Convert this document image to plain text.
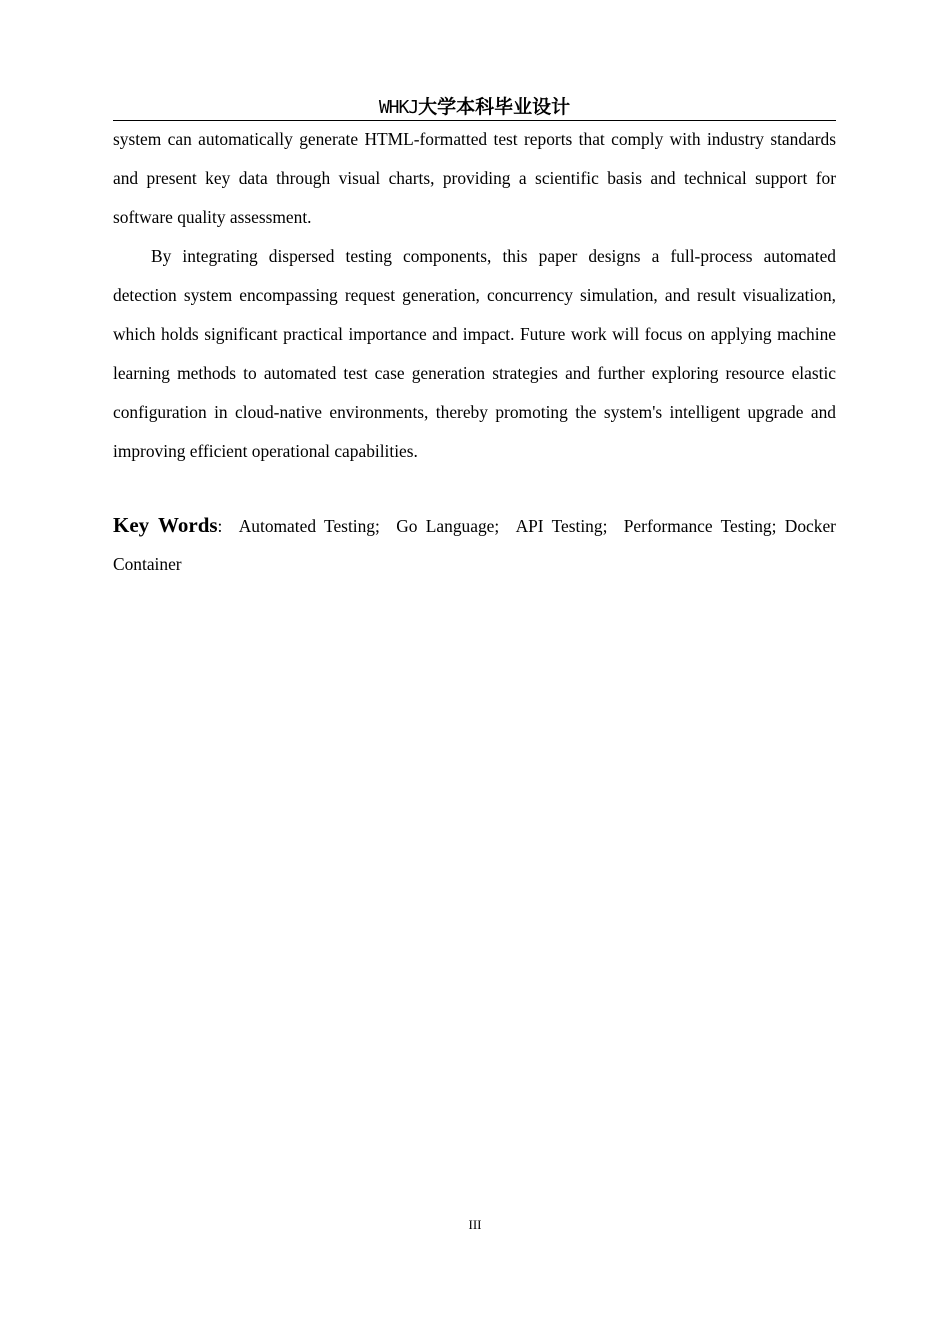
WHKJ大学本科毕业设计

system can automatically generate HTML-formatted test reports that comply with industry standards and present key data through visual charts, providing a scientific basis and technical support for software quality assessment.

By integrating dispersed testing components, this paper designs a full-process automated detection system encompassing request generation, concurrency simulation, and result visualization, which holds significant practical importance and impact. Future work will focus on applying machine learning methods to automated test case generation strategies and further exploring resource elastic configuration in cloud-native environments, thereby promoting the system's intelligent upgrade and improving efficient operational capabilities.

Key Words: Automated Testing; Go Language; API Testing; Performance Testing; Docker Container
III
